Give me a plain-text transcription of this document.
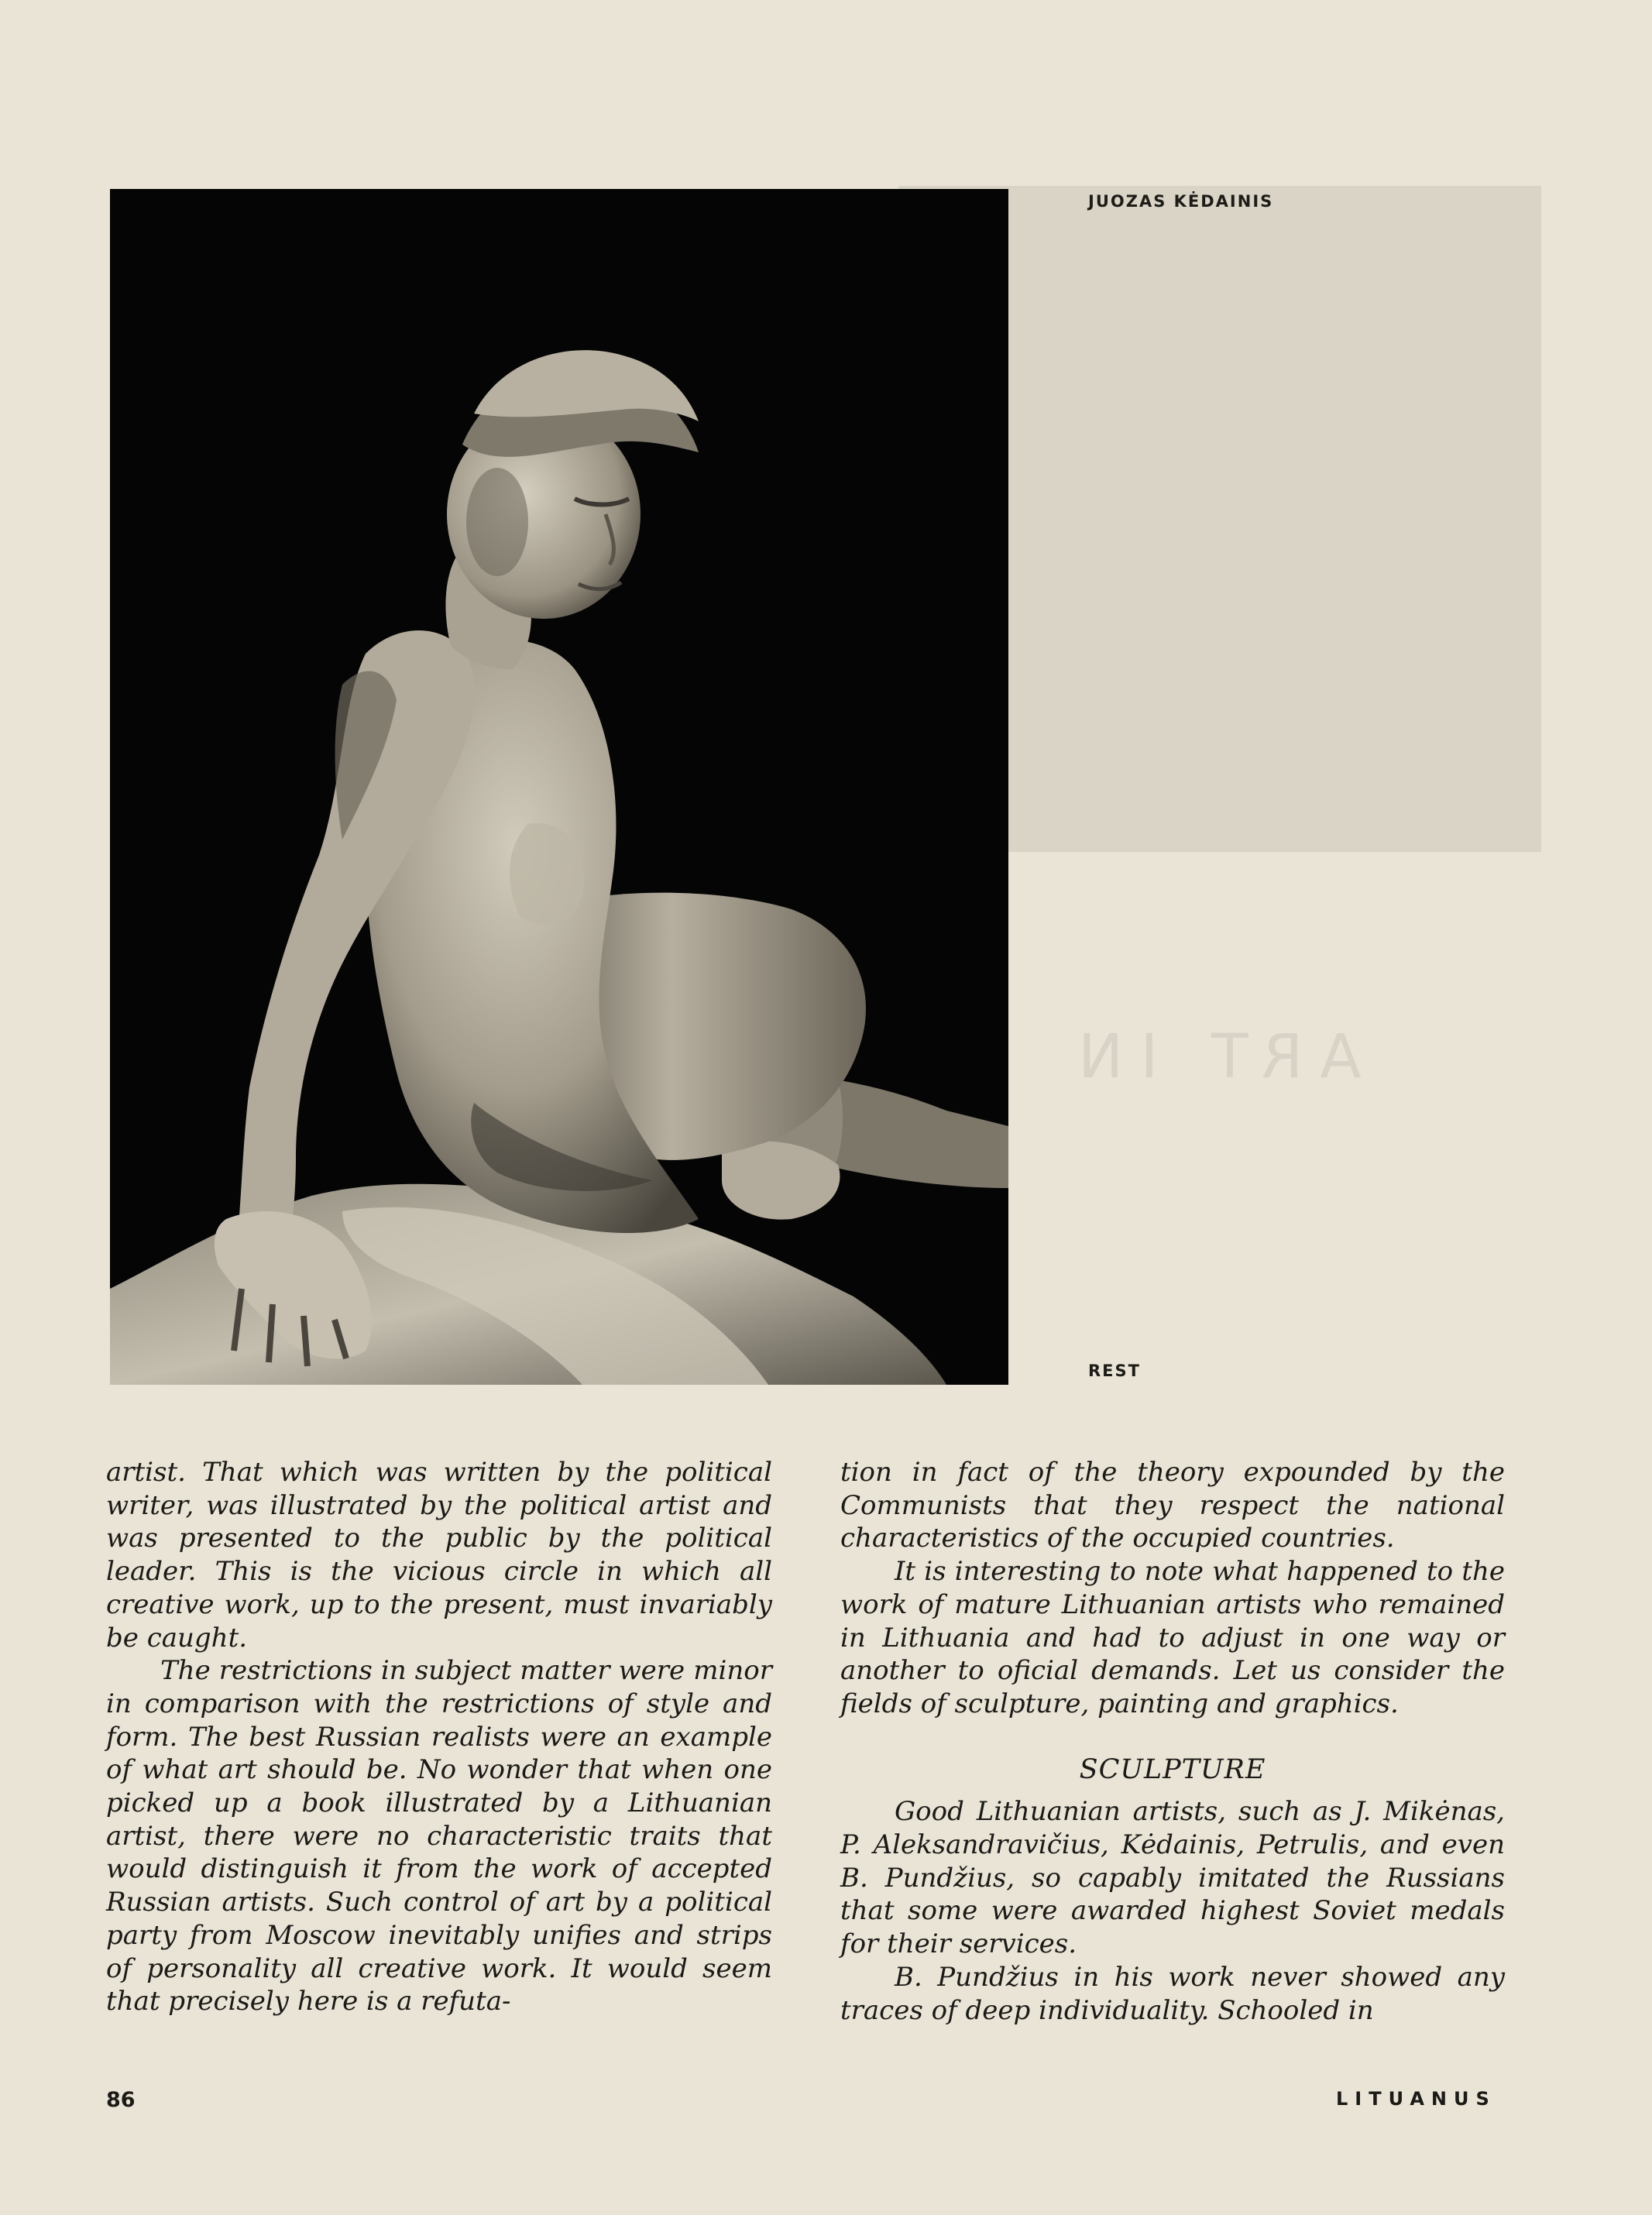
ART IN

JUOZAS KĖDAINIS

REST

artist. That which was written by the political writer, was illustrated by the political artist and was presented to the public by the political leader. This is the vicious circle in which all creative work, up to the present, must invariably be caught.

The restrictions in subject matter were minor in comparison with the restrictions of style and form. The best Russian realists were an example of what art should be. No wonder that when one picked up a book illustrated by a Lithuanian artist, there were no characteristic traits that would distinguish it from the work of accepted Russian artists. Such control of art by a political party from Moscow inevitably unifies and strips of personality all creative work. It would seem that precisely here is a refuta-

tion in fact of the theory expounded by the Communists that they respect the national characteristics of the occupied countries.

It is interesting to note what happened to the work of mature Lithuanian artists who remained in Lithuania and had to adjust in one way or another to oficial demands. Let us consider the fields of sculpture, painting and graphics.

SCULPTURE

Good Lithuanian artists, such as J. Mikėnas, P. Aleksandravičius, Kėdainis, Petrulis, and even B. Pundžius, so capably imitated the Russians that some were awarded highest Soviet medals for their services.

B. Pundžius in his work never showed any traces of deep individuality. Schooled in

86	LITUANUS
